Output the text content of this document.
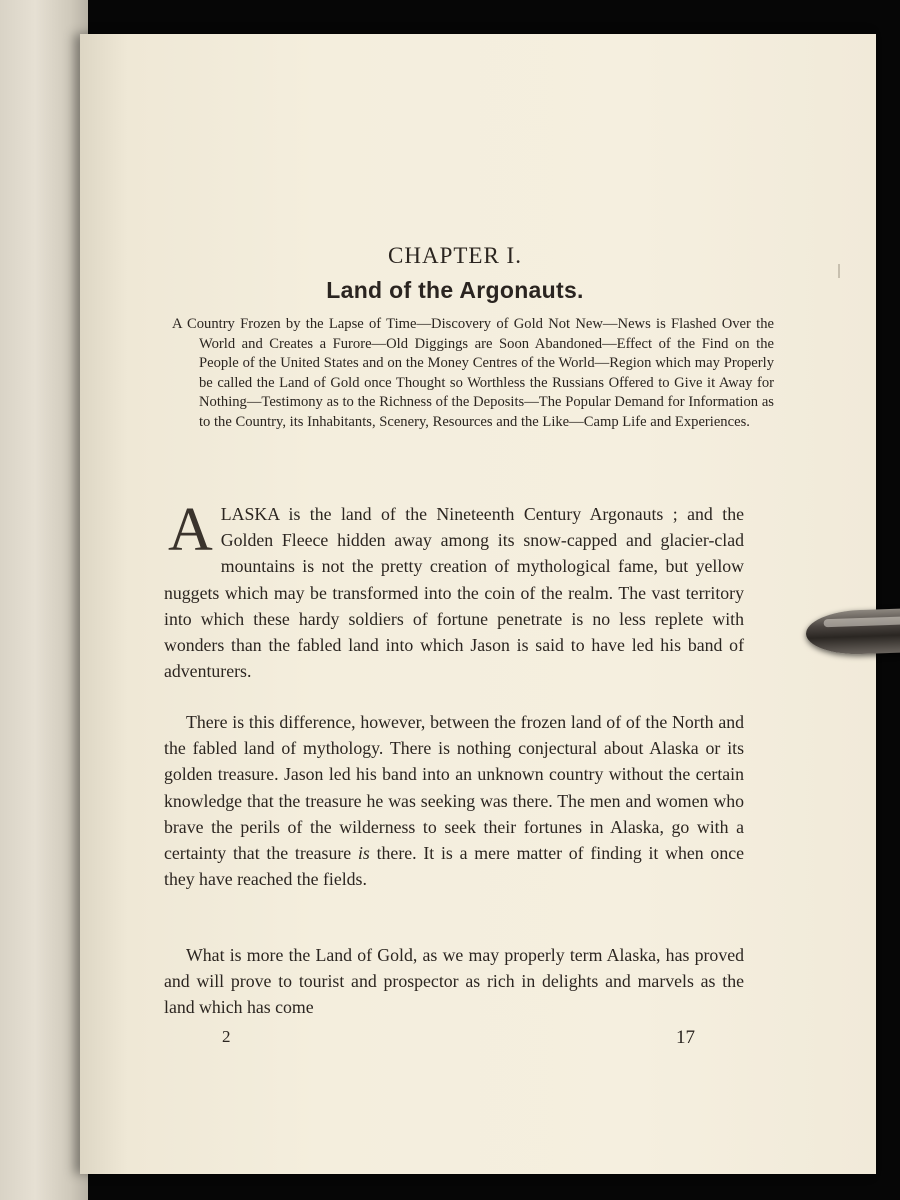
CHAPTER I.
Land of the Argonauts.
A Country Frozen by the Lapse of Time—Discovery of Gold Not New—News is Flashed Over the World and Creates a Furore—Old Diggings are Soon Abandoned—Effect of the Find on the People of the United States and on the Money Centres of the World—Region which may Properly be called the Land of Gold once Thought so Worthless the Russians Offered to Give it Away for Nothing—Testimony as to the Richness of the Deposits—The Popular Demand for Information as to the Country, its Inhabitants, Scenery, Resources and the Like—Camp Life and Experiences.
ALASKA is the land of the Nineteenth Century Argonauts ; and the Golden Fleece hidden away among its snow-capped and glacier-clad mountains is not the pretty creation of mythological fame, but yellow nuggets which may be transformed into the coin of the realm. The vast territory into which these hardy soldiers of fortune penetrate is no less replete with wonders than the fabled land into which Jason is said to have led his band of adventurers.
There is this difference, however, between the frozen land of of the North and the fabled land of mythology. There is nothing conjectural about Alaska or its golden treasure. Jason led his band into an unknown country without the certain knowledge that the treasure he was seeking was there. The men and women who brave the perils of the wilderness to seek their fortunes in Alaska, go with a certainty that the treasure is there. It is a mere matter of finding it when once they have reached the fields.
What is more the Land of Gold, as we may properly term Alaska, has proved and will prove to tourist and prospector as rich in delights and marvels as the land which has come
2	17
